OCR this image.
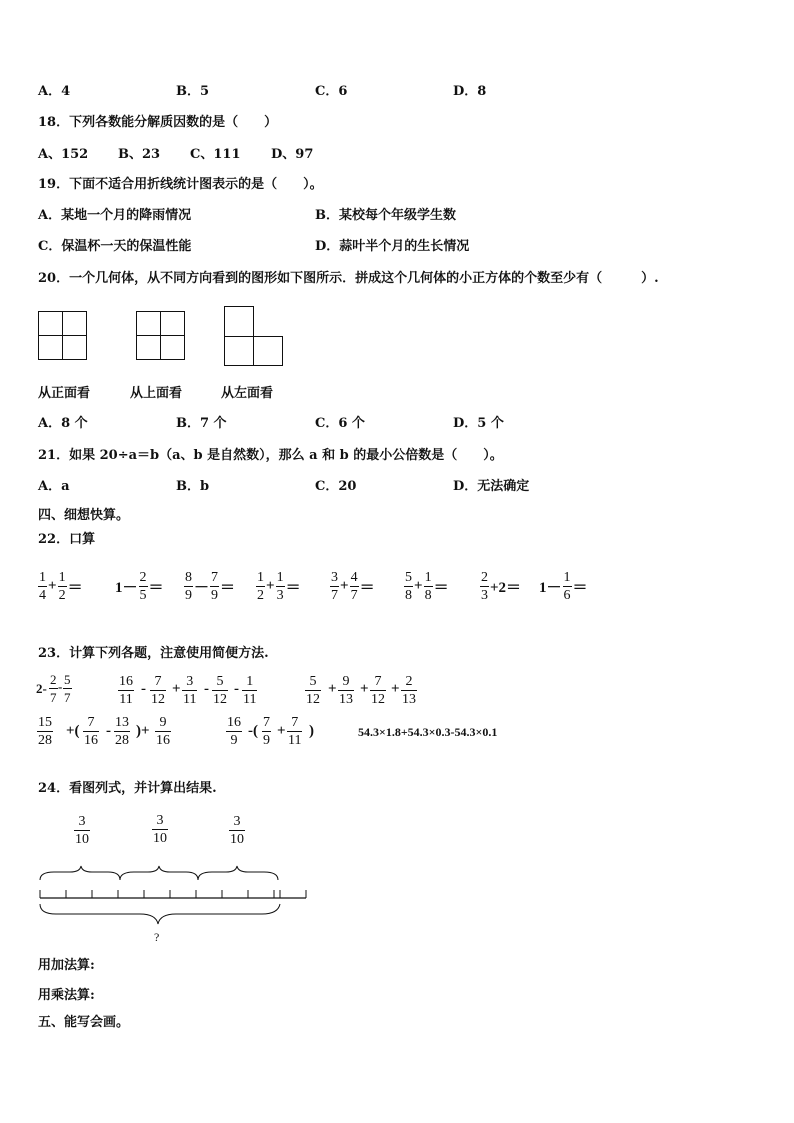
A．4	B．5	C．6	D．8
18．下列各数能分解质因数的是（　　）
A、152 B、23 C、111 D、97
19．下面不适合用折线统计图表示的是（　　）。
A．某地一个月的降雨情况	B．某校每个年级学生数
C．保温杯一天的保温性能	D．蒜叶半个月的生长情况
20．一个几何体，从不同方向看到的图形如下图所示．拼成这个几何体的小正方体的个数至少有（　　　）.
从正面看	从上面看	从左面看
A．8 个	B．7 个	C．6 个	D．5 个
21．如果 20÷a＝b（a、b 是自然数），那么 a 和 b 的最小公倍数是（　　）。
A．a	B．b	C．20	D．无法确定
四、细想快算。
22．口算
1
4
+
1
2 ＝ 1－
2
5 ＝
8
9 －
7
9 ＝
1
2
+
1
3 ＝
3
7
+
4
7 ＝
5
8
+
1
8 ＝
2
3 +2＝ 1－
1
6 ＝
23．计算下列各题，注意使用简便方法.
2-
2
7
- 5
7
16
11
- 7
12
+ 3
11
- 5
12
- 1
11
5
12
+ 9
13
+ 7
12
+ 2
13
15
28
+(
7
16
-
13
28
)+
9
16
16
9
-(
7
9
+
7
11
)	54.3×1.8+54.3×0.3-54.3×0.1
24．看图列式，并计算出结果.
3
10
3
10
3
10
?
用加法算:
用乘法算:
五、能写会画。
